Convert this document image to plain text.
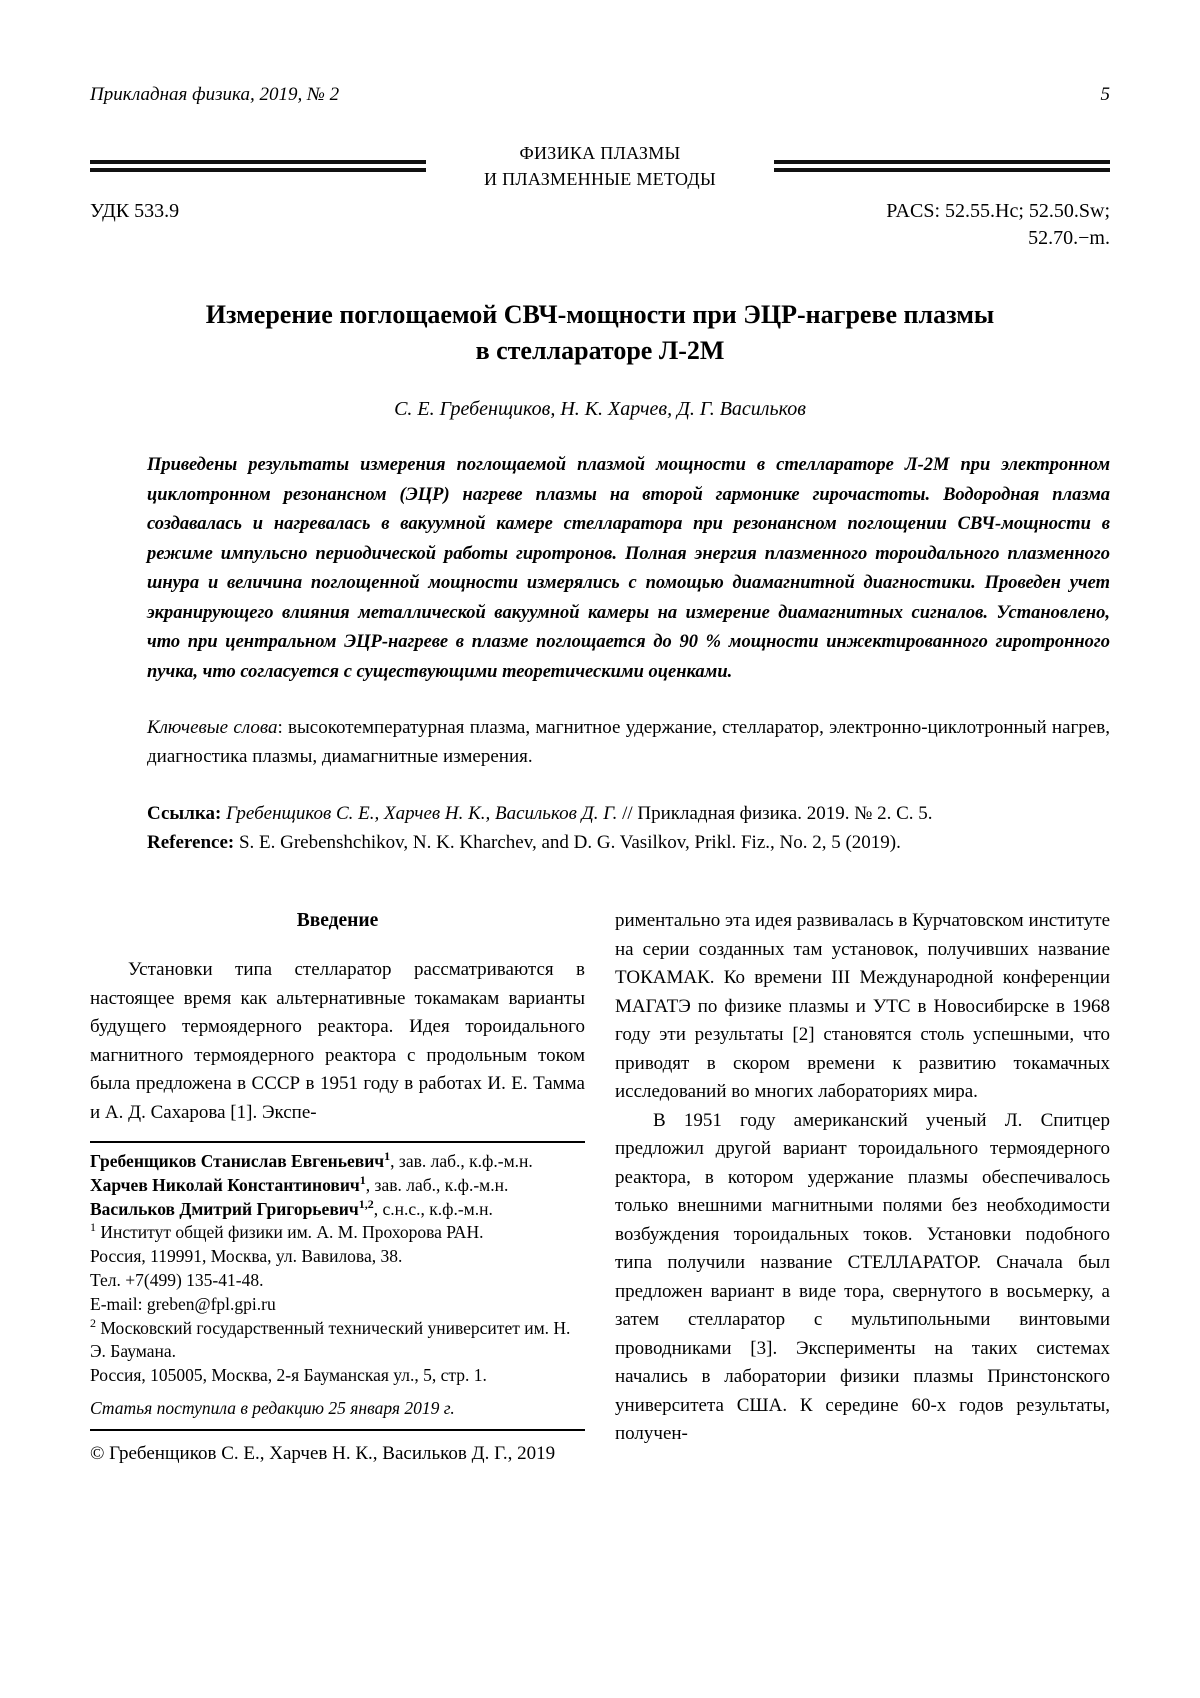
Прикладная физика, 2019, № 2	5
ФИЗИКА ПЛАЗМЫ
И ПЛАЗМЕННЫЕ МЕТОДЫ
УДК 533.9	PACS: 52.55.Hc; 52.50.Sw;
52.70.−m.
Измерение поглощаемой СВЧ-мощности при ЭЦР-нагреве плазмы
в стеллараторе Л-2М
С. Е. Гребенщиков, Н. К. Харчев, Д. Г. Васильков
Приведены результаты измерения поглощаемой плазмой мощности в стеллараторе Л-2М при электронном циклотронном резонансном (ЭЦР) нагреве плазмы на второй гармонике гирочастоты. Водородная плазма создавалась и нагревалась в вакуумной камере стелларатора при резонансном поглощении СВЧ-мощности в режиме импульсно периодической работы гиротронов. Полная энергия плазменного тороидального плазменного шнура и величина поглощенной мощности измерялись с помощью диамагнитной диагностики. Проведен учет экранирующего влияния металлической вакуумной камеры на измерение диамагнитных сигналов. Установлено, что при центральном ЭЦР-нагреве в плазме поглощается до 90 % мощности инжектированного гиротронного пучка, что согласуется с существующими теоретическими оценками.
Ключевые слова: высокотемпературная плазма, магнитное удержание, стелларатор, электронно-циклотронный нагрев, диагностика плазмы, диамагнитные измерения.
Ссылка: Гребенщиков С. Е., Харчев Н. К., Васильков Д. Г. // Прикладная физика. 2019. № 2. С. 5.
Reference: S. E. Grebenshchikov, N. K. Kharchev, and D. G. Vasilkov, Prikl. Fiz., No. 2, 5 (2019).
Введение

Установки типа стелларатор рассматриваются в настоящее время как альтернативные токамакам варианты будущего термоядерного реактора. Идея тороидального магнитного термоядерного реактора с продольным током была предложена в СССР в 1951 году в работах И. Е. Тамма и А. Д. Сахарова [1]. Экспе-

Гребенщиков Станислав Евгеньевич$^1$, зав. лаб., к.ф.-м.н.
Харчев Николай Константинович$^1$, зав. лаб., к.ф.-м.н.
Васильков Дмитрий Григорьевич$^{1,2}$, с.н.с., к.ф.-м.н.
$^1$ Институт общей физики им. А. М. Прохорова РАН.
Россия, 119991, Москва, ул. Вавилова, 38.
Тел. +7(499) 135-41-48.
E-mail: greben@fpl.gpi.ru
$^2$ Московский государственный технический университет им. Н. Э. Баумана.
Россия, 105005, Москва, 2-я Бауманская ул., 5, стр. 1.
Статья поступила в редакцию 25 января 2019 г.
© Гребенщиков С. Е., Харчев Н. К., Васильков Д. Г., 2019

риментально эта идея развивалась в Курчатовском институте на серии созданных там установок, получивших название ТОКАМАК. Ко времени III Международной конференции МАГАТЭ по физике плазмы и УТС в Новосибирске в 1968 году эти результаты [2] становятся столь успешными, что приводят в скором времени к развитию токамачных исследований во многих лабораториях мира.

В 1951 году американский ученый Л. Спитцер предложил другой вариант тороидального термоядерного реактора, в котором удержание плазмы обеспечивалось только внешними магнитными полями без необходимости возбуждения тороидальных токов. Установки подобного типа получили название СТЕЛЛАРАТОР. Сначала был предложен вариант в виде тора, свернутого в восьмерку, а затем стелларатор с мультипольными винтовыми проводниками [3]. Эксперименты на таких системах начались в лаборатории физики плазмы Принстонского университета США. К середине 60-х годов результаты, получен-
